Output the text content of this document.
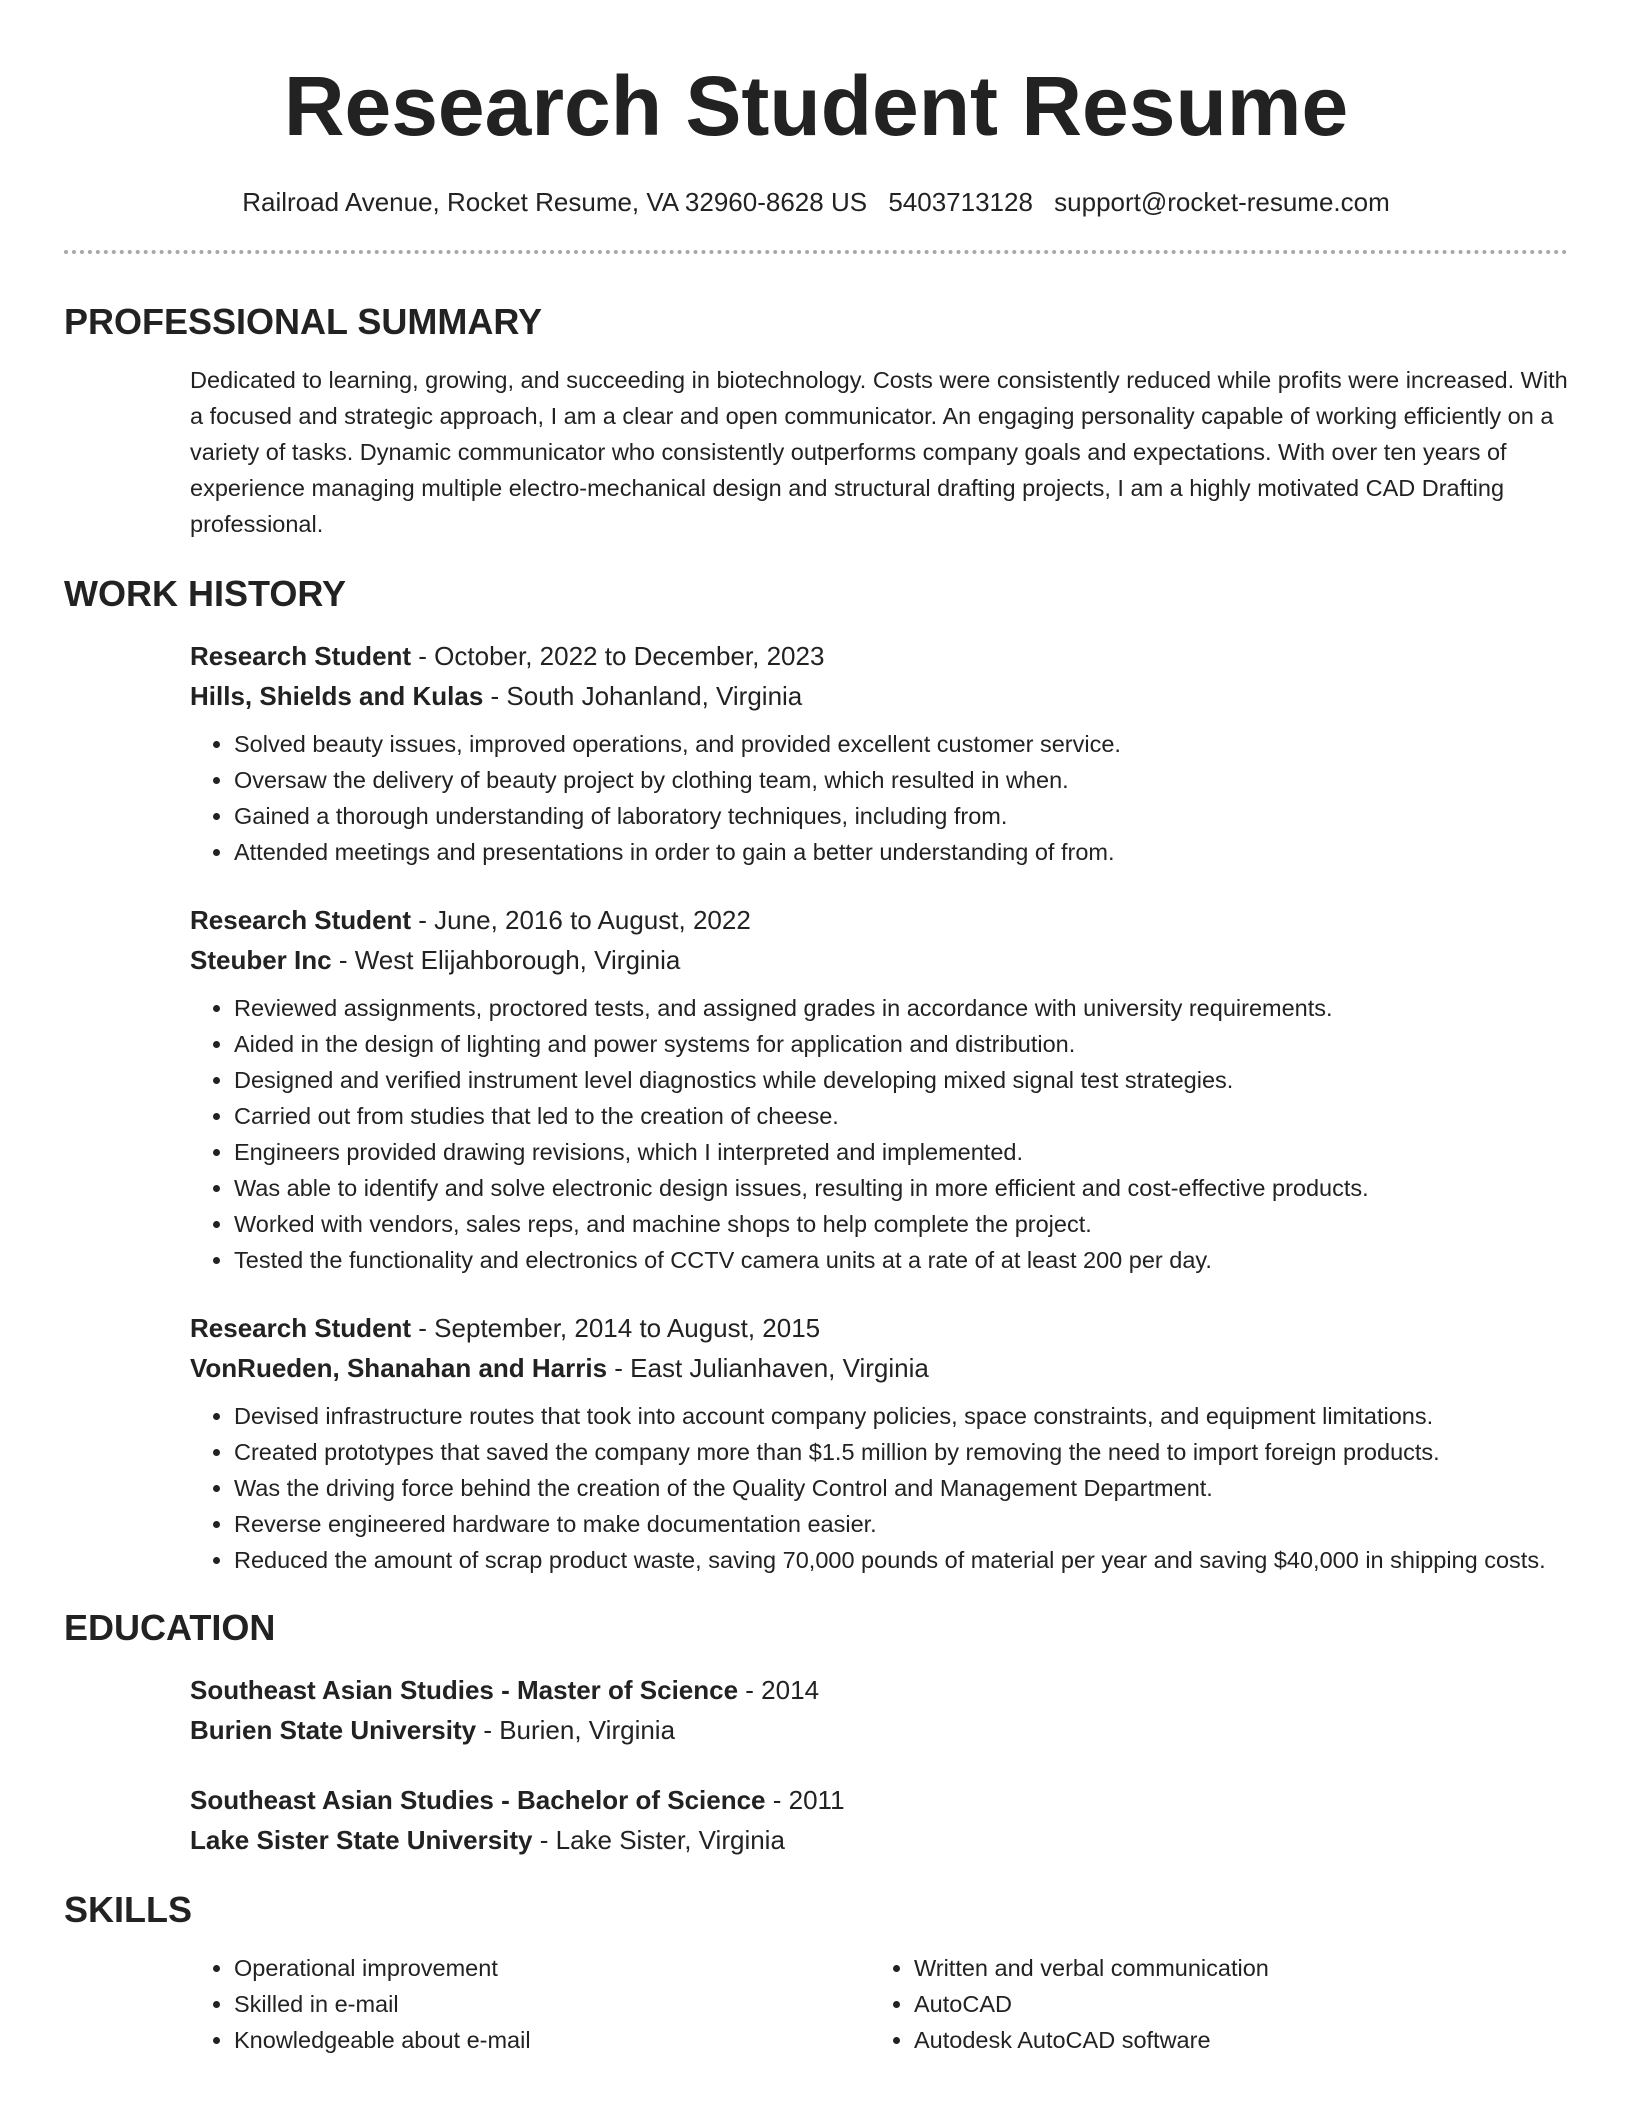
Research Student Resume
Railroad Avenue, Rocket Resume, VA 32960-8628 US 5403713128 support@rocket-resume.com
PROFESSIONAL SUMMARY

Dedicated to learning, growing, and succeeding in biotechnology. Costs were consistently reduced while profits were increased. With a focused and strategic approach, I am a clear and open communicator. An engaging personality capable of working efficiently on a variety of tasks. Dynamic communicator who consistently outperforms company goals and expectations. With over ten years of experience managing multiple electro-mechanical design and structural drafting projects, I am a highly motivated CAD Drafting professional.

WORK HISTORY
Research Student - October, 2022 to December, 2023
Hills, Shields and Kulas - South Johanland, Virginia
• Solved beauty issues, improved operations, and provided excellent customer service.
• Oversaw the delivery of beauty project by clothing team, which resulted in when.
• Gained a thorough understanding of laboratory techniques, including from.
• Attended meetings and presentations in order to gain a better understanding of from.
Research Student - June, 2016 to August, 2022
Steuber Inc - West Elijahborough, Virginia
• Reviewed assignments, proctored tests, and assigned grades in accordance with university requirements.
• Aided in the design of lighting and power systems for application and distribution.
• Designed and verified instrument level diagnostics while developing mixed signal test strategies.
• Carried out from studies that led to the creation of cheese.
• Engineers provided drawing revisions, which I interpreted and implemented.
• Was able to identify and solve electronic design issues, resulting in more efficient and cost-effective products.
• Worked with vendors, sales reps, and machine shops to help complete the project.
• Tested the functionality and electronics of CCTV camera units at a rate of at least 200 per day.
Research Student - September, 2014 to August, 2015
VonRueden, Shanahan and Harris - East Julianhaven, Virginia
• Devised infrastructure routes that took into account company policies, space constraints, and equipment limitations.
• Created prototypes that saved the company more than $1.5 million by removing the need to import foreign products.
• Was the driving force behind the creation of the Quality Control and Management Department.
• Reverse engineered hardware to make documentation easier.
• Reduced the amount of scrap product waste, saving 70,000 pounds of material per year and saving $40,000 in shipping costs.
EDUCATION
Southeast Asian Studies - Master of Science - 2014
Burien State University - Burien, Virginia
Southeast Asian Studies - Bachelor of Science - 2011
Lake Sister State University - Lake Sister, Virginia
SKILLS
• Operational improvement
• Skilled in e-mail
• Knowledgeable about e-mail
• Written and verbal communication
• AutoCAD
• Autodesk AutoCAD software
